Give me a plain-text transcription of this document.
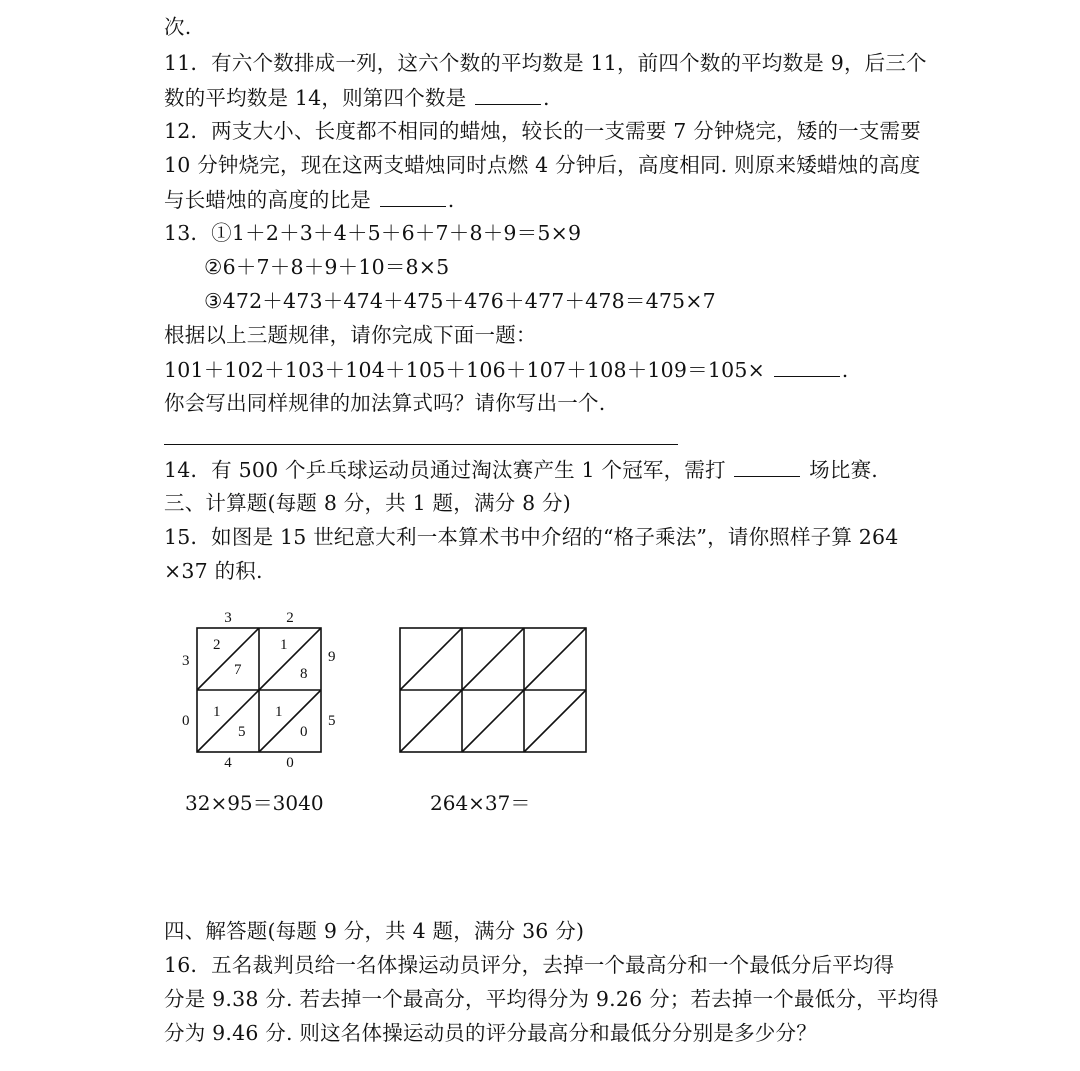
次.
11．有六个数排成一列，这六个数的平均数是 11，前四个数的平均数是 9，后三个
数的平均数是 14，则第四个数是	.
12．两支大小、长度都不相同的蜡烛，较长的一支需要 7 分钟烧完，矮的一支需要
10 分钟烧完，现在这两支蜡烛同时点燃 4 分钟后，高度相同. 则原来矮蜡烛的高度
与长蜡烛的高度的比是	.
13．①1＋2＋3＋4＋5＋6＋7＋8＋9＝5×9
②6＋7＋8＋9＋10＝8×5
③472＋473＋474＋475＋476＋477＋478＝475×7
根据以上三题规律，请你完成下面一题：
101＋102＋103＋104＋105＋106＋107＋108＋109＝105×	.
你会写出同样规律的加法算式吗？请你写出一个.
14．有 500 个乒乓球运动员通过淘汰赛产生 1 个冠军，需打	场比赛.
三、计算题(每题 8 分，共 1 题，满分 8 分)
15．如图是 15 世纪意大利一本算术书中介绍的“格子乘法”，请你照样子算 264
×37 的积.
3	2
9
5
3
0
4	0
2
7
1
8
1
5
1
0
32×95＝3040	264×37＝
四、解答题(每题 9 分，共 4 题，满分 36 分)
16．五名裁判员给一名体操运动员评分，去掉一个最高分和一个最低分后平均得
分是 9.38 分. 若去掉一个最高分，平均得分为 9.26 分；若去掉一个最低分，平均得
分为 9.46 分. 则这名体操运动员的评分最高分和最低分分别是多少分？
